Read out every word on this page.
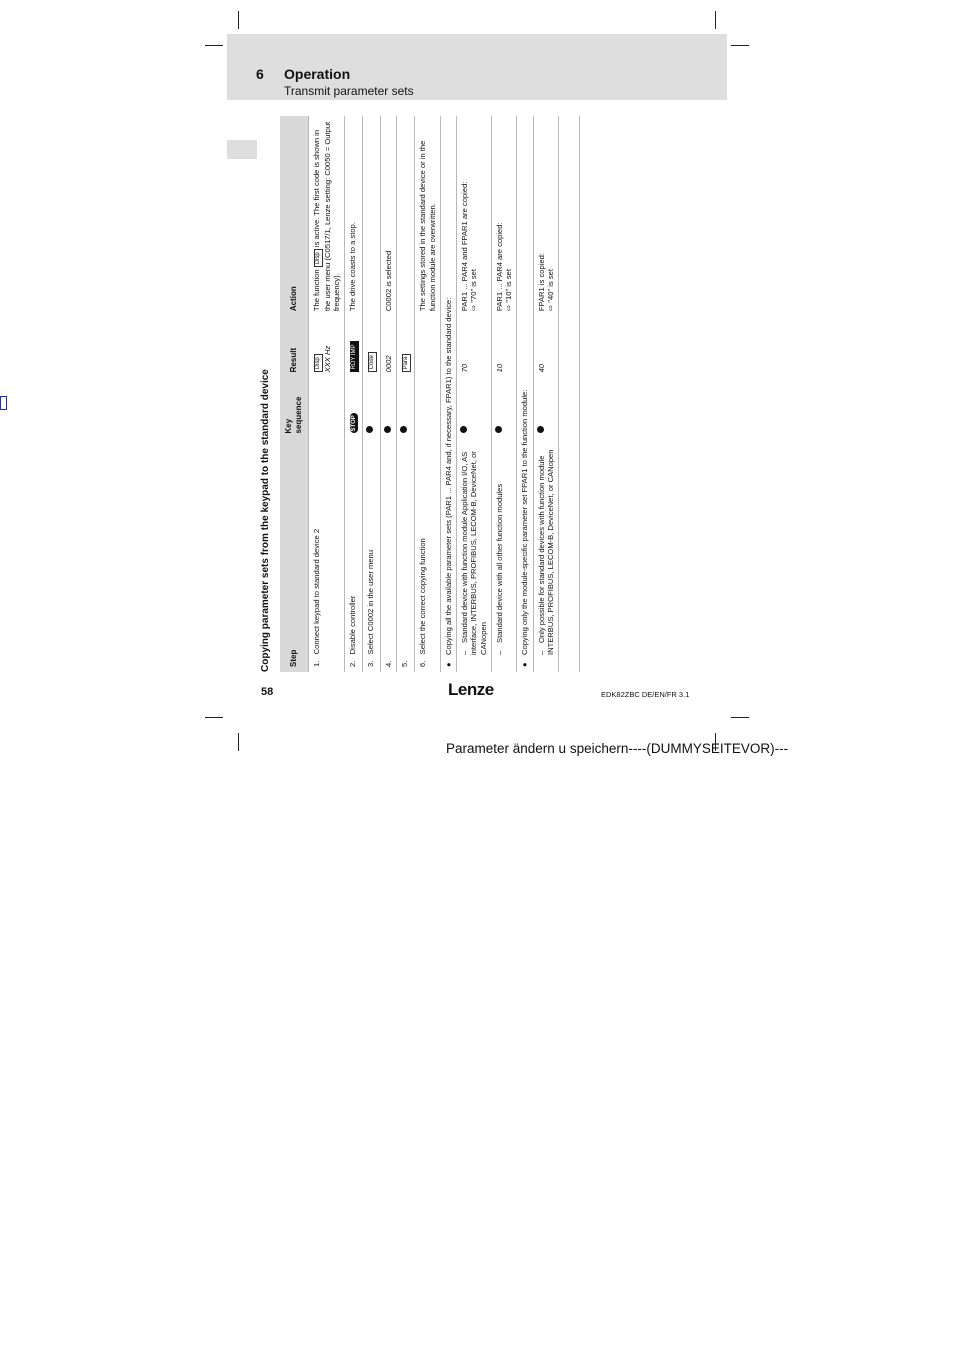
6 Operation
Transmit parameter sets
Copying parameter sets from the keypad to the standard device Step	Key sequence	Result	Action
1.   Connect keypad to standard device 2		Disp XXX Hz	The function Disp is active. The first code is shown in the user menu (C0517/1, Lenze setting: C0050 = Output frequency).
2.   Disable controller	STOP	RDY IMP	The drive coasts to a stop.
3.   Select C0002 in the user menu		Code	
4.		0002	C0002 is selected
5.		Para	
6.   Select the correct copying function			The settings stored in the standard device or in the function module are overwritten.
●Copying all the available parameter sets (PAR1 ... PAR4 and, if necessary, FPAR1) to the standard device:			
–Standard device with function module Application I/O, AS interface, INTERBUS, PROFIBUS, LECOM-B, DeviceNet, or CANopen		70	PAR1 ... PAR4 and FPAR1 are copied:
⇨ "70" is set
–Standard device with all other function modules		10	PAR1 ... PAR4 are copied:
⇨ "10" is set
●Copying only the module-specific parameter set FPAR1 to the function module:			
–Only possible for standard devices with function module INTERBUS, PROFIBUS, LECOM-B, DeviceNet, or CANopen		40	FPAR1 is copied:
⇨ "40" is set

58	Lenze	EDK82ZBC DE/EN/FR 3.1
Parameter ändern u speichern----(DUMMYSEITEVOR)---
